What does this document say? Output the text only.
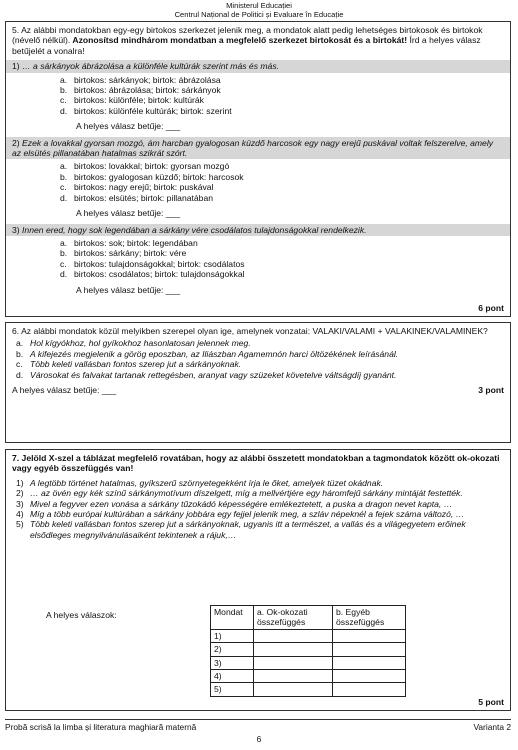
Ministerul Educației
Centrul Național de Politici și Evaluare în Educație
5. Az alábbi mondatokban egy-egy birtokos szerkezet jelenik meg, a mondatok alatt pedig lehetséges birtokosok és birtokok (névelő nélkül). Azonosítsd mindhárom mondatban a megfelelő szerkezet birtokosát és a birtokát! Írd a helyes válasz betűjelét a vonalra!
1) … a sárkányok ábrázolása a különféle kultúrák szerint más és más.
a. birtokos: sárkányok; birtok: ábrázolása
b. birtokos: ábrázolása; birtok: sárkányok
c. birtokos: különféle; birtok: kultúrák
d. birtokos: különféle kultúrák; birtok: szerint
A helyes válasz betűje: ___
2) Ezek a lovakkal gyorsan mozgó, ám harcban gyalogosan küzdő harcosok egy nagy erejű puskával voltak felszerelve, amely az elsütés pillanatában hatalmas szikrát szórt.
a. birtokos: lovakkal; birtok: gyorsan mozgó
b. birtokos: gyalogosan küzdő; birtok: harcosok
c. birtokos: nagy erejű; birtok: puskával
d. birtokos: elsütés; birtok: pillanatában
A helyes válasz betűje: ___
3) Innen ered, hogy sok legendában a sárkány vére csodálatos tulajdonságokkal rendelkezik.
a. birtokos: sok; birtok: legendában
b. birtokos: sárkány; birtok: vére
c. birtokos: tulajdonságokkal; birtok: csodálatos
d. birtokos: csodálatos; birtok: tulajdonságokkal
A helyes válasz betűje: ___
6 pont
6. Az alábbi mondatok közül melyikben szerepel olyan ige, amelynek vonzatai: VALAKI/VALAMI + VALAKINEK/VALAMINEK?
a. Hol kígyókhoz, hol gyíkokhoz hasonlatosan jelennek meg.
b. A kifejezés megjelenik a görög eposzban, az Iliászban Agamemnón harci öltözékének leírásánál.
c. Több keleti vallásban fontos szerep jut a sárkányoknak.
d. Városokat és falvakat tartanak rettegésben, aranyat vagy szüzeket követelve váltságdíj gyanánt.
A helyes válasz betűje: ___	3 pont
7. Jelöld X-szel a táblázat megfelelő rovatában, hogy az alábbi összetett mondatokban a tagmondatok között ok-okozati vagy egyéb összefüggés van!
1) A legtöbb történet hatalmas, gyíkszerű szörnyetegekként írja le őket, amelyek tüzet okádnak.
2) … az övén egy kék színű sárkánymotívum díszelgett, míg a mellvértjére egy háromfejű sárkány mintáját festették.
3) Mivel a fegyver ezen vonása a sárkány tűzokádó képességére emlékeztetett, a puska a dragon nevet kapta, …
4) Míg a több európai kultúrában a sárkány jobbára egy fejjel jelenik meg, a szláv népeknél a fejek száma változó, …
5) Több keleti vallásban fontos szerep jut a sárkányoknak, ugyanis itt a természet, a vallás és a világegyetem erőinek elsődleges megnyilvánulásaiként tekintenek a rájuk,…
A helyes válaszok:	Mondat	a. Ok-okozati összefüggés	b. Egyéb összefüggés
1)		
2)		
3)		
4)		
5)		
5 pont
Probă scrisă la limba și literatura maghiară maternă	Varianta 2
6
